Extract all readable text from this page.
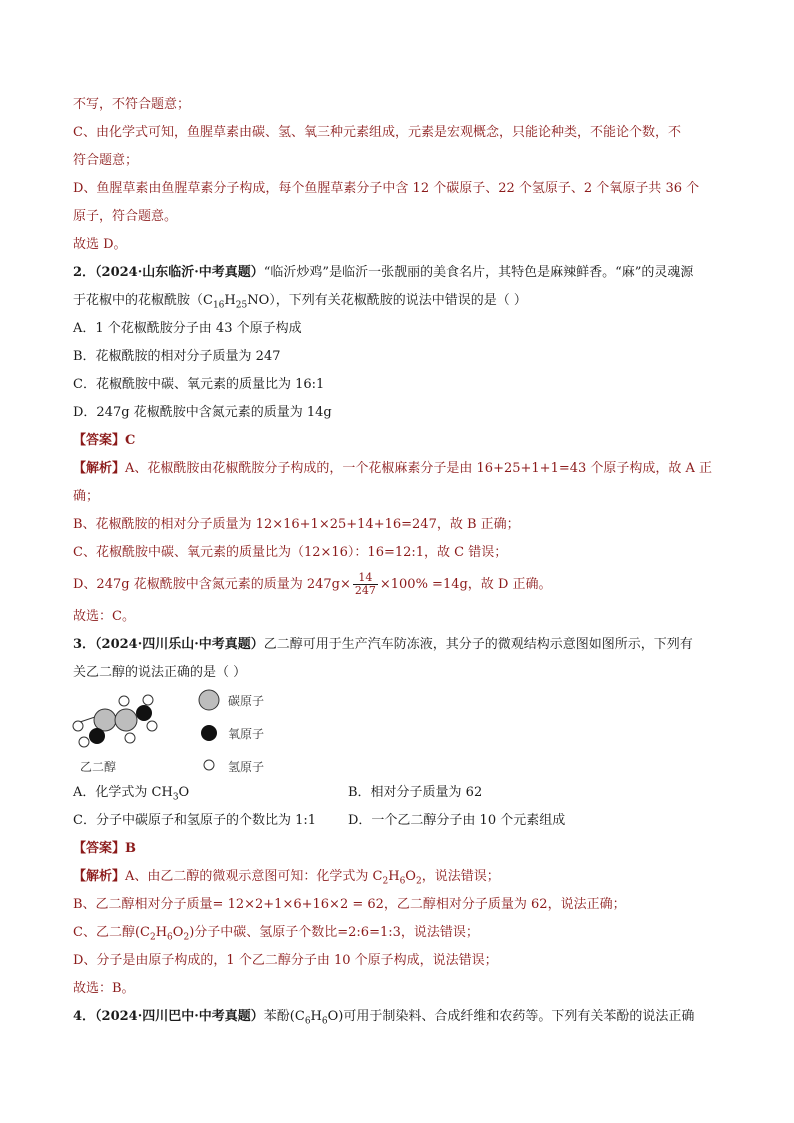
不写，不符合题意；
C、由化学式可知，鱼腥草素由碳、氢、氧三种元素组成，元素是宏观概念，只能论种类，不能论个数，不
符合题意；
D、鱼腥草素由鱼腥草素分子构成，每个鱼腥草素分子中含 12 个碳原子、22 个氢原子、2 个氧原子共 36 个
原子，符合题意。
故选 D。
2．（2024·山东临沂·中考真题）“临沂炒鸡”是临沂一张靓丽的美食名片，其特色是麻辣鲜香。“麻”的灵魂源
于花椒中的花椒酰胺$(C_{16}H_{25}NO)$，下列有关花椒酰胺的说法中错误的是（ ）
A．1 个花椒酰胺分子由 43 个原子构成
B．花椒酰胺的相对分子质量为 247
C．花椒酰胺中碳、氧元素的质量比为 16:1
D．247g 花椒酰胺中含氮元素的质量为 14g
【答案】C
【解析】A、花椒酰胺由花椒酰胺分子构成的，一个花椒麻素分子是由 16+25+1+1=43 个原子构成，故 A 正
确；
B、花椒酰胺的相对分子质量为 12×16+1×25+14+16=247，故 B 正确；
C、花椒酰胺中碳、氧元素的质量比为（12×16）：16=12:1，故 C 错误；
D、247g 花椒酰胺中含氮元素的质量为 $247g\times \frac{14}{247} \times 100\% =14g$，故 D 正确。
故选：C。
3．（2024·四川乐山·中考真题）乙二醇可用于生产汽车防冻液，其分子的微观结构示意图如图所示，下列有
关乙二醇的说法正确的是（ ）
碳原子
氧原子
氢原子
乙二醇
A．化学式为 $CH_3O$	B．相对分子质量为 62
C．分子中碳原子和氢原子的个数比为 1:1 D．一个乙二醇分子由 10 个元素组成
【答案】B
【解析】A、由乙二醇的微观示意图可知：化学式为 $C_2H_6O_2$，说法错误；
B、乙二醇相对分子质量= 12×2+1×6+16×2 = 62，乙二醇相对分子质量为 62，说法正确；
C、乙二醇$(C_2H_6O_2)$分子中碳、氢原子个数比=2:6=1:3，说法错误；
D、分子是由原子构成的，1 个乙二醇分子由 10 个原子构成，说法错误；
故选：B。
4．（2024·四川巴中·中考真题）苯酚$(C_6H_6O)$可用于制染料、合成纤维和农药等。下列有关苯酚的说法正确
